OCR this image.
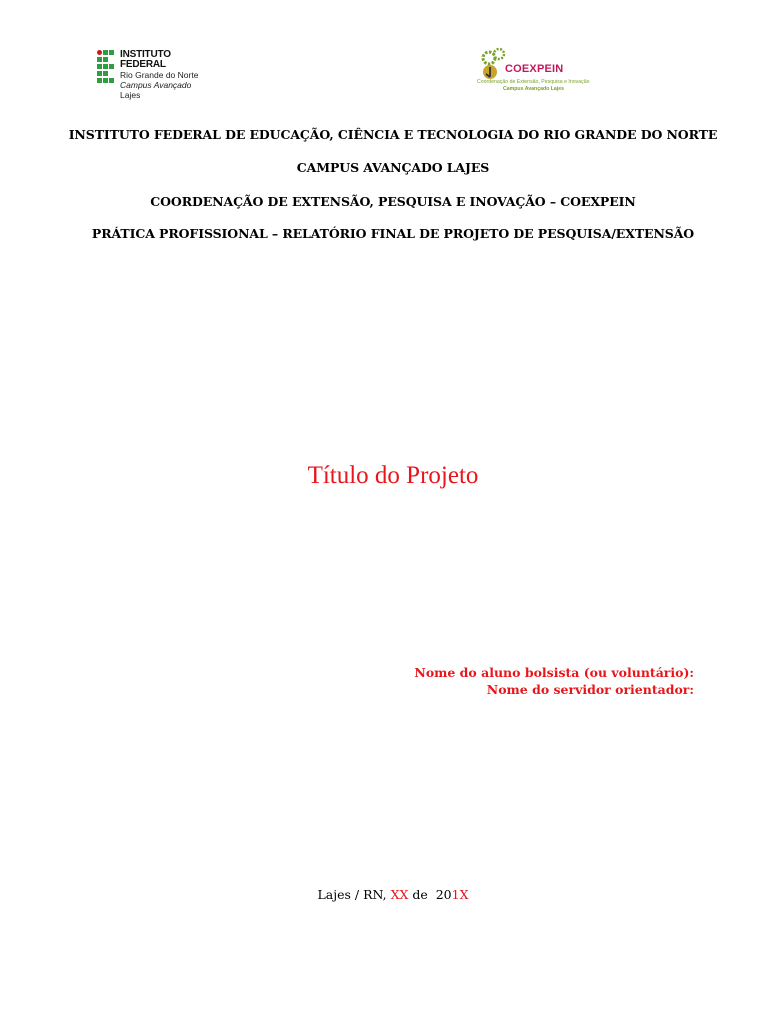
INSTITUTO FEDERAL
Rio Grande do Norte
Campus Avançado
Lajes
COEXPEIN
Coordenação de Extensão, Pesquisa e Inovação
Campus Avançado Lajes
INSTITUTO FEDERAL DE EDUCAÇÃO, CIÊNCIA E TECNOLOGIA DO RIO GRANDE DO NORTE
CAMPUS AVANÇADO LAJES
COORDENAÇÃO DE EXTENSÃO, PESQUISA E INOVAÇÃO – COEXPEIN
PRÁTICA PROFISSIONAL – RELATÓRIO FINAL DE PROJETO DE PESQUISA/EXTENSÃO
Título do Projeto
Nome do aluno bolsista (ou voluntário):
Nome do servidor orientador:
Lajes / RN, XX de  201X
